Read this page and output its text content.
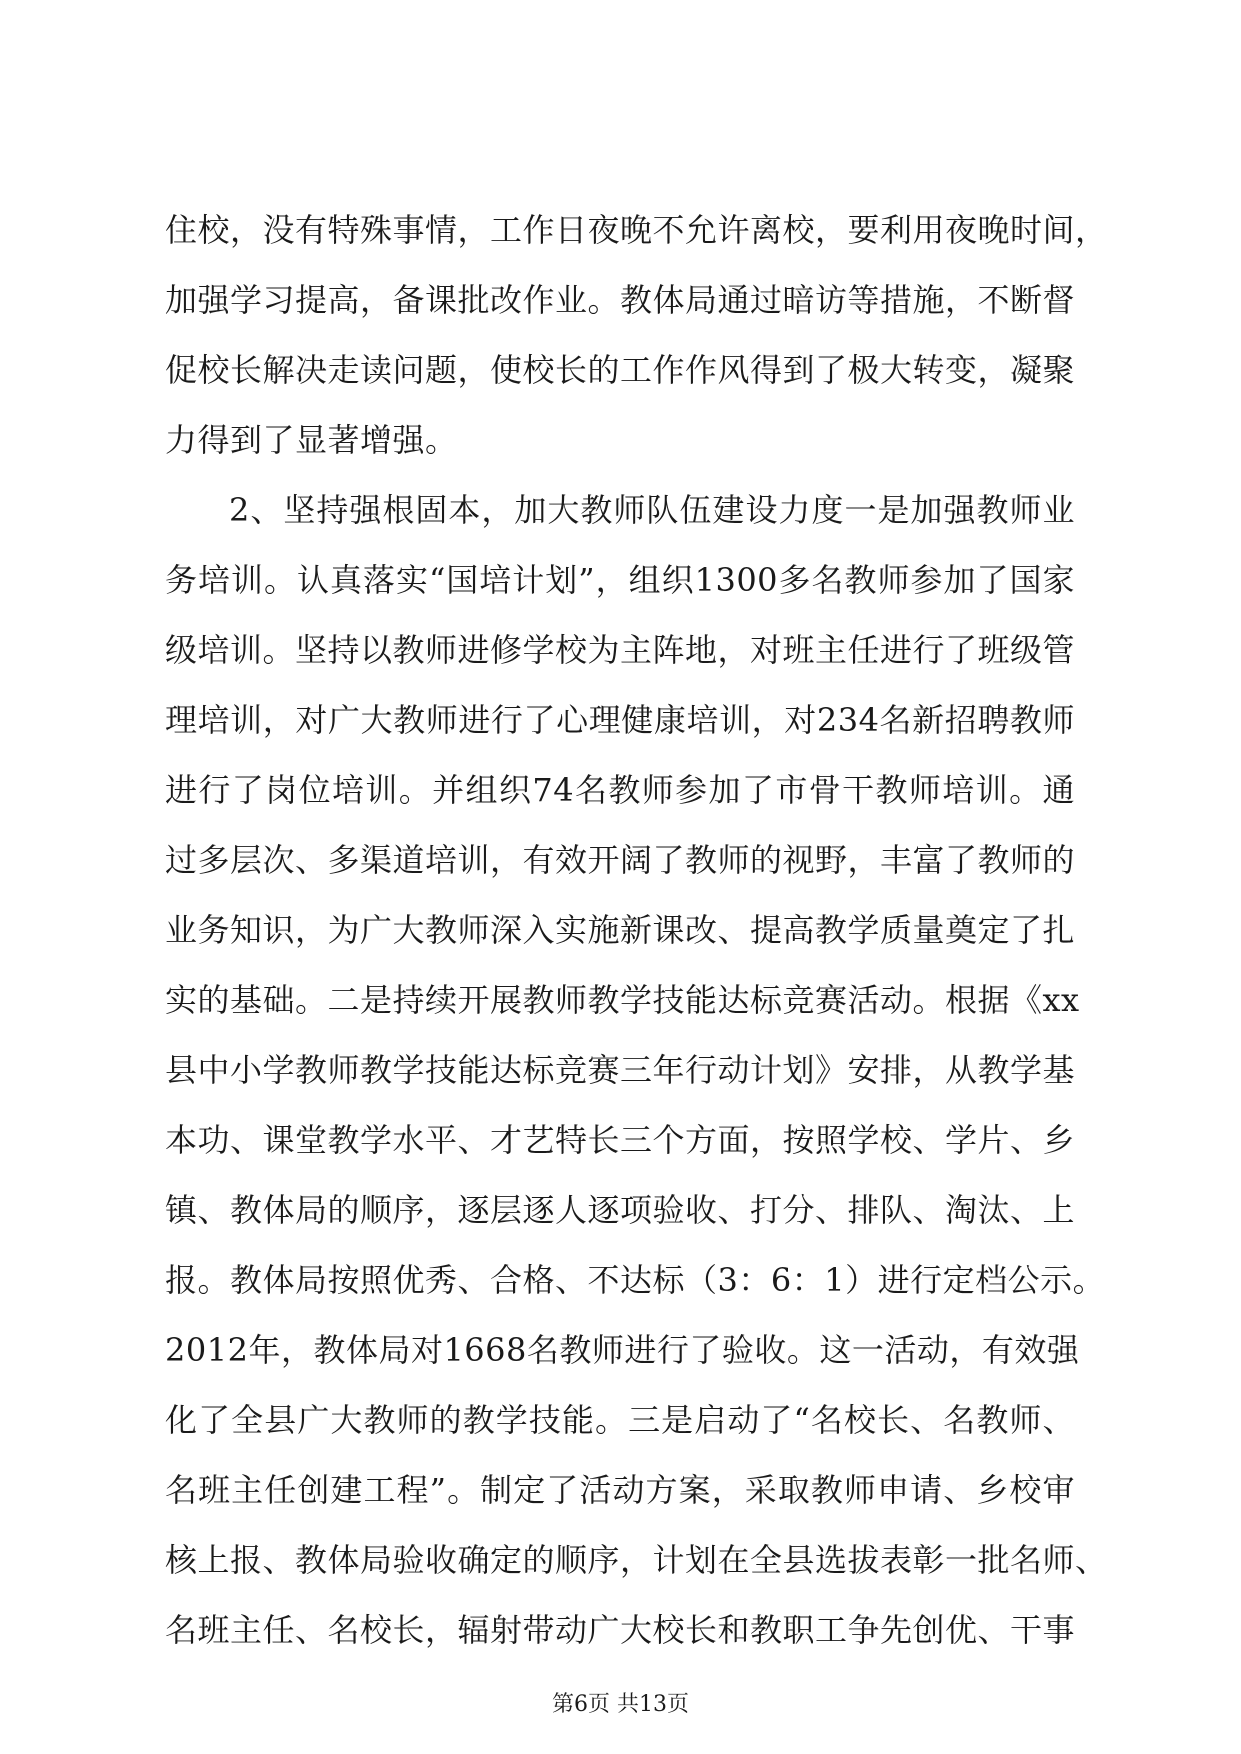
住校，没有特殊事情，工作日夜晚不允许离校，要利用夜晚时间，
加强学习提高，备课批改作业。教体局通过暗访等措施，不断督
促校长解决走读问题，使校长的工作作风得到了极大转变，凝聚
力得到了显著增强。
2、坚持强根固本，加大教师队伍建设力度一是加强教师业
务培训。认真落实“国培计划”，组织1300多名教师参加了国家
级培训。坚持以教师进修学校为主阵地，对班主任进行了班级管
理培训，对广大教师进行了心理健康培训，对234名新招聘教师
进行了岗位培训。并组织74名教师参加了市骨干教师培训。通
过多层次、多渠道培训，有效开阔了教师的视野，丰富了教师的
业务知识，为广大教师深入实施新课改、提高教学质量奠定了扎
实的基础。二是持续开展教师教学技能达标竞赛活动。根据《xx
县中小学教师教学技能达标竞赛三年行动计划》安排，从教学基
本功、课堂教学水平、才艺特长三个方面，按照学校、学片、乡
镇、教体局的顺序，逐层逐人逐项验收、打分、排队、淘汰、上
报。教体局按照优秀、合格、不达标（3：6：1）进行定档公示。
2012年，教体局对1668名教师进行了验收。这一活动，有效强
化了全县广大教师的教学技能。三是启动了“名校长、名教师、
名班主任创建工程”。制定了活动方案，采取教师申请、乡校审
核上报、教体局验收确定的顺序，计划在全县选拔表彰一批名师、
名班主任、名校长，辐射带动广大校长和教职工争先创优、干事
第6页 共13页
